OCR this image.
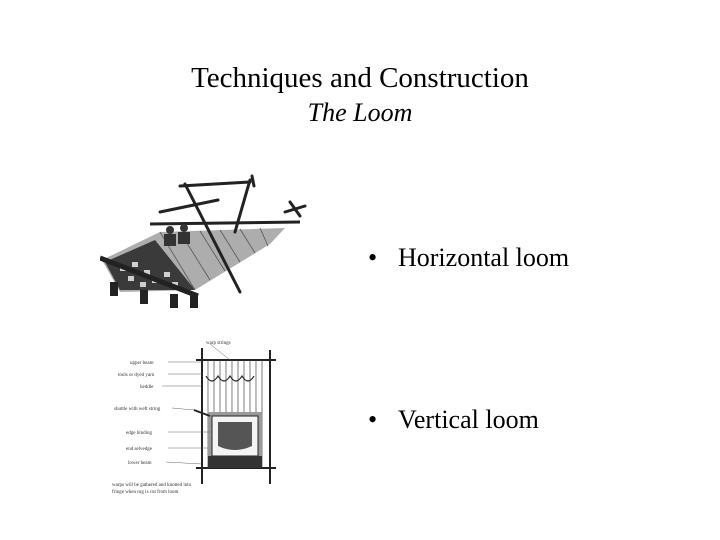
Techniques and Construction
The Loom
warp strings
upper beam
tools or dyed yarn
heddle
shuttle with weft string
edge binding
end selvedge
lower beam
warps will be gathered and knotted into
fringe when rug is cut from loom
• Horizontal loom
• Vertical loom
